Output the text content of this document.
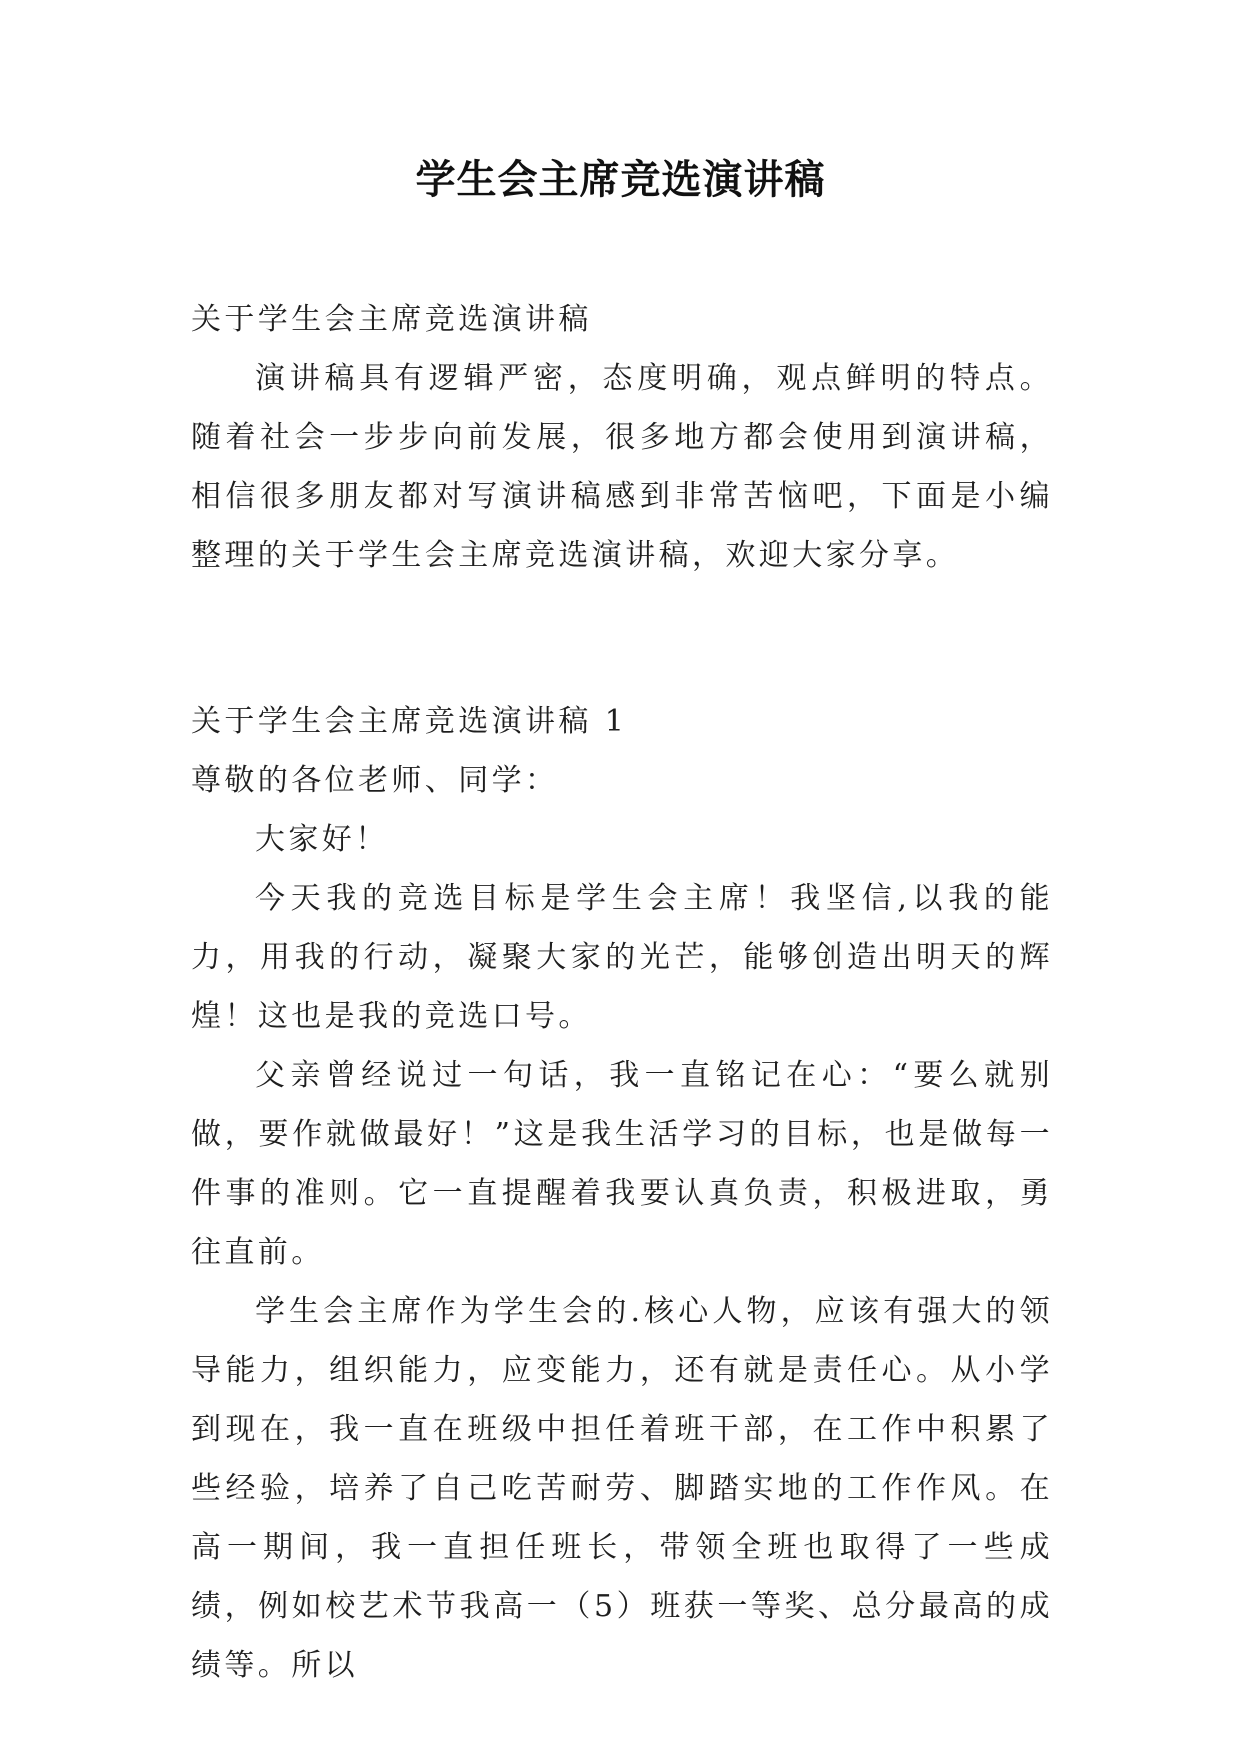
学生会主席竞选演讲稿

关于学生会主席竞选演讲稿

演讲稿具有逻辑严密，态度明确，观点鲜明的特点。随着社会一步步向前发展，很多地方都会使用到演讲稿，相信很多朋友都对写演讲稿感到非常苦恼吧，下面是小编整理的关于学生会主席竞选演讲稿，欢迎大家分享。

关于学生会主席竞选演讲稿 1

尊敬的各位老师、同学：

大家好！

今天我的竞选目标是学生会主席！我坚信,以我的能力，用我的行动，凝聚大家的光芒，能够创造出明天的辉煌！这也是我的竞选口号。

父亲曾经说过一句话，我一直铭记在心：“要么就别做，要作就做最好！”这是我生活学习的目标，也是做每一件事的准则。它一直提醒着我要认真负责，积极进取，勇往直前。

学生会主席作为学生会的.核心人物，应该有强大的领导能力，组织能力，应变能力，还有就是责任心。从小学到现在，我一直在班级中担任着班干部，在工作中积累了些经验，培养了自己吃苦耐劳、脚踏实地的工作作风。在高一期间，我一直担任班长，带领全班也取得了一些成绩，例如校艺术节我高一（5）班获一等奖、总分最高的成绩等。所以
